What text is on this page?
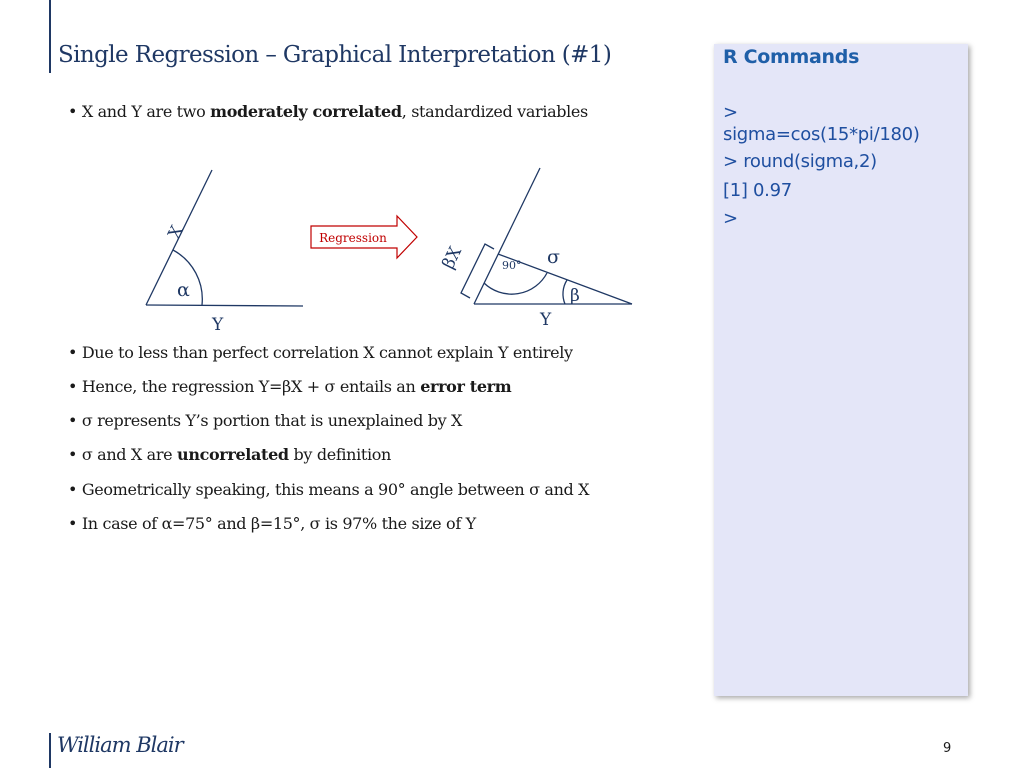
Single Regression – Graphical Interpretation (#1)
• X and Y are two moderately correlated, standardized variables
α
Y
X	Regression
βX	90° σ
β
Y
• Due to less than perfect correlation X cannot explain Y entirely
• Hence, the regression Y=βX + σ entails an error term
• σ represents Y’s portion that is unexplained by X
• σ and X are uncorrelated by definition
• Geometrically speaking, this means a 90° angle between σ and X
• In case of α=75° and β=15°, σ is 97% the size of Y
R Commands
>
sigma=cos(15*pi/180)
> round(sigma,2)
[1] 0.97
>
William Blair	9
